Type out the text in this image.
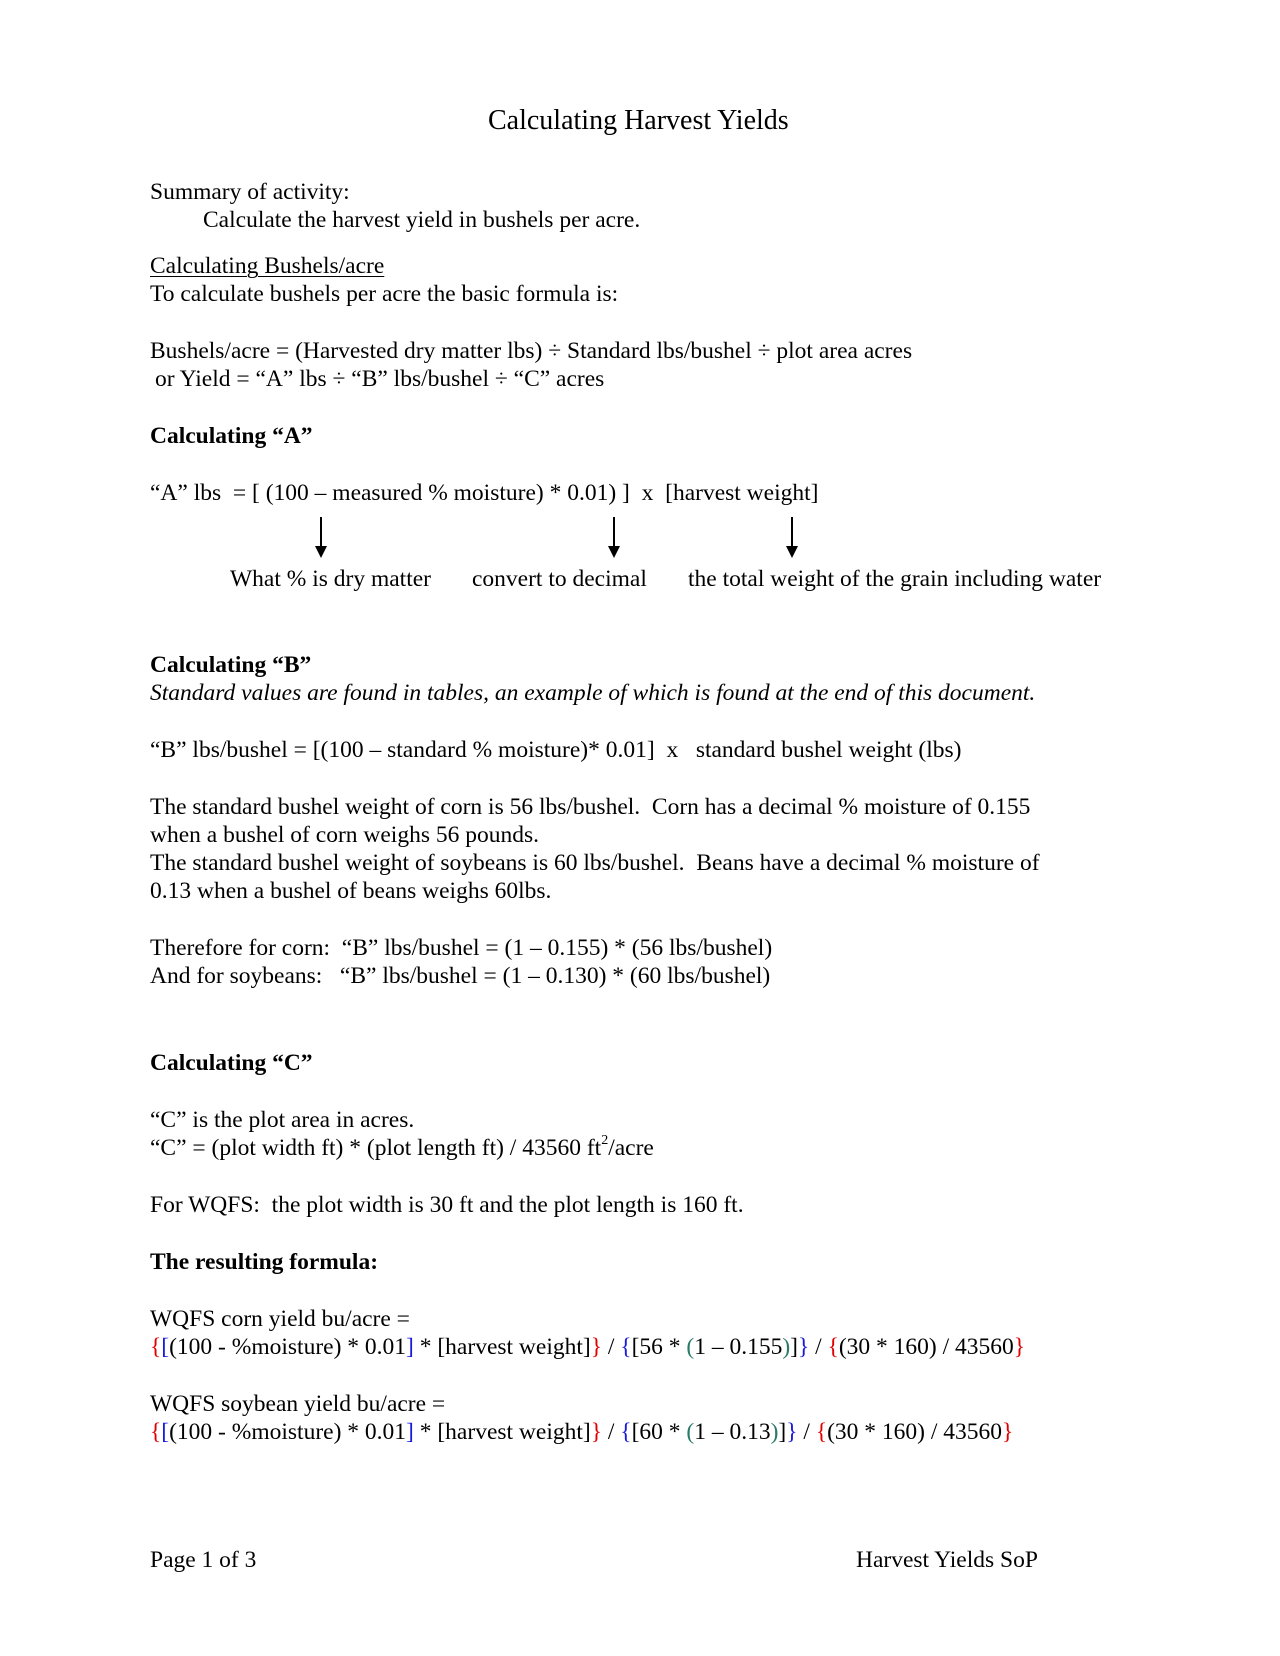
Calculating Harvest Yields
Summary of activity:
Calculate the harvest yield in bushels per acre.
Calculating Bushels/acre
To calculate bushels per acre the basic formula is:
Bushels/acre = (Harvested dry matter lbs) ÷ Standard lbs/bushel ÷ plot area acres
or Yield = “A” lbs ÷ “B” lbs/bushel ÷ “C” acres
Calculating “A”
“A” lbs  = [ (100 – measured % moisture) * 0.01) ]  x  [harvest weight]
What % is dry matter convert to decimal the total weight of the grain including water
Calculating “B”
Standard values are found in tables, an example of which is found at the end of this document.
“B” lbs/bushel = [(100 – standard % moisture)* 0.01]  x   standard bushel weight (lbs)
The standard bushel weight of corn is 56 lbs/bushel.  Corn has a decimal % moisture of 0.155
when a bushel of corn weighs 56 pounds.
The standard bushel weight of soybeans is 60 lbs/bushel.  Beans have a decimal % moisture of
0.13 when a bushel of beans weighs 60lbs.
Therefore for corn:  “B” lbs/bushel = (1 – 0.155) * (56 lbs/bushel)
And for soybeans:   “B” lbs/bushel = (1 – 0.130) * (60 lbs/bushel)
Calculating “C”
“C” is the plot area in acres.
“C” = (plot width ft) * (plot length ft) / 43560 $ft^2$/acre
For WQFS:  the plot width is 30 ft and the plot length is 160 ft.
The resulting formula:
WQFS corn yield bu/acre =
{[(100 - %moisture) * 0.01] * [harvest weight]} / {[56 * (1 – 0.155)]} / {(30 * 160) / 43560}
WQFS soybean yield bu/acre =
{[(100 - %moisture) * 0.01] * [harvest weight]} / {[60 * (1 – 0.13)]} / {(30 * 160) / 43560}
Page 1 of 3	Harvest Yields SoP
